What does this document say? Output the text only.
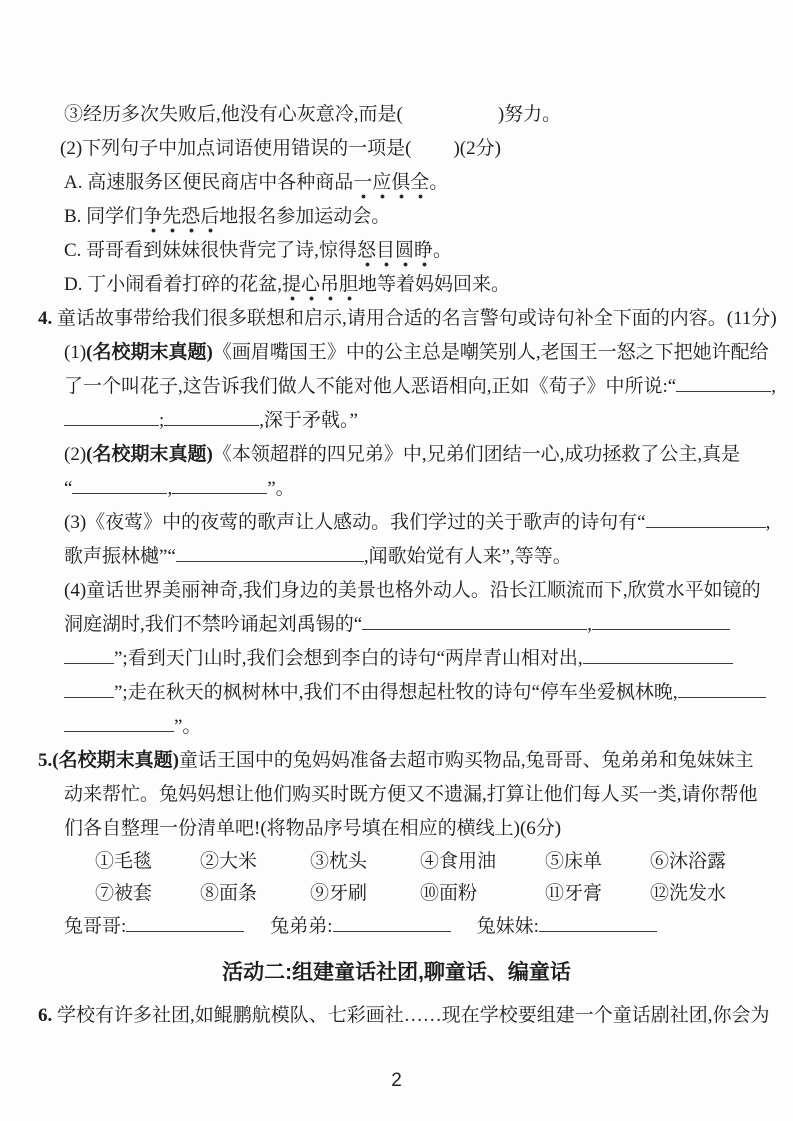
③经历多次失败后,他没有心灰意冷,而是(	)努力。

(2)下列句子中加点词语使用错误的一项是( )(2分)

A. 高速服务区便民商店中各种商品一应俱全。

B. 同学们争先恐后地报名参加运动会。

C. 哥哥看到妹妹很快背完了诗,惊得怒目圆睁。

D. 丁小闹看着打碎的花盆,提心吊胆地等着妈妈回来。

4. 童话故事带给我们很多联想和启示,请用合适的名言警句或诗句补全下面的内容。(11分)

(1)(名校期末真题)《画眉嘴国王》中的公主总是嘲笑别人,老国王一怒之下把她许配给

了一个叫花子,这告诉我们做人不能对他人恶语相向,正如《荀子》中所说:“	,

;	,深于矛戟。”

(2)(名校期末真题)《本领超群的四兄弟》中,兄弟们团结一心,成功拯救了公主,真是

“	,	”。

(3)《夜莺》中的夜莺的歌声让人感动。我们学过的关于歌声的诗句有“	,

歌声振林樾”“	,闻歌始觉有人来”,等等。

(4)童话世界美丽神奇,我们身边的美景也格外动人。沿长江顺流而下,欣赏水平如镜的

洞庭湖时,我们不禁吟诵起刘禹锡的“	,

”;看到天门山时,我们会想到李白的诗句“两岸青山相对出,

”;走在秋天的枫树林中,我们不由得想起杜牧的诗句“停车坐爱枫林晚,

”。

5.(名校期末真题)童话王国中的兔妈妈准备去超市购买物品,兔哥哥、兔弟弟和兔妹妹主

动来帮忙。兔妈妈想让他们购买时既方便又不遗漏,打算让他们每人买一类,请你帮他

们各自整理一份清单吧!(将物品序号填在相应的横线上)(6分)

①毛毯	②大米	③枕头	④食用油	⑤床单	⑥沐浴露
⑦被套	⑧面条	⑨牙刷	⑩面粉	⑪牙膏	⑫洗发水

兔哥哥:	兔弟弟:	兔妹妹:

活动二:组建童话社团,聊童话、编童话

6. 学校有许多社团,如鲲鹏航模队、七彩画社……现在学校要组建一个童话剧社团,你会为

2
